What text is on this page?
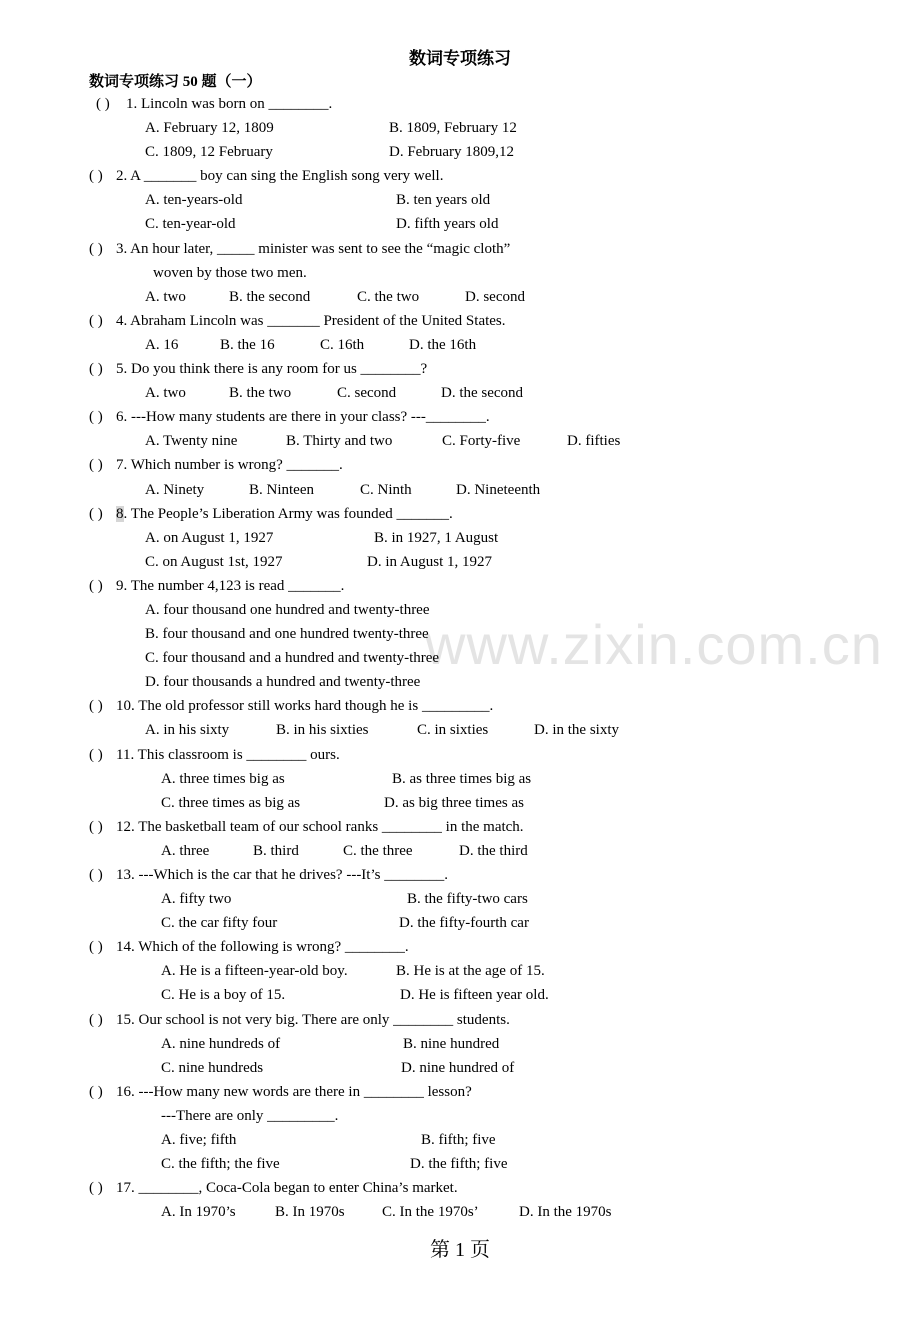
数词专项练习
数词专项练习 50 题（一）
www.zixin.com.cn
( ) 1. Lincoln was born on ________.
A. February 12, 1809	B. 1809, February 12
C. 1809, 12 February	D. February 1809,12
( ) 2. A _______ boy can sing the English song very well.
A. ten-years-old	B. ten years old
C. ten-year-old	D. fifth years old
( ) 3. An hour later, _____ minister was sent to see the “magic cloth”
woven by those two men.
A. two	B. the second	C. the two	D. second
( ) 4. Abraham Lincoln was _______ President of the United States.
A. 16	B. the 16	C. 16th	D. the 16th
( ) 5. Do you think there is any room for us ________?
A. two	B. the two	C. second	D. the second
( ) 6. ---How many students are there in your class? ---________.
A. Twenty nine	B. Thirty and two	C. Forty-five	D. fifties
( ) 7. Which number is wrong? _______.
A. Ninety	B. Ninteen	C. Ninth	D. Nineteenth
( ) 8. The People’s Liberation Army was founded _______.
A. on August 1, 1927	B. in 1927, 1 August
C. on August 1st, 1927	D. in August 1, 1927
( ) 9. The number 4,123 is read _______.
A. four thousand one hundred and twenty-three
B. four thousand and one hundred twenty-three
C. four thousand and a hundred and twenty-three
D. four thousands a hundred and twenty-three
( ) 10. The old professor still works hard though he is _________.
A. in his sixty	B. in his sixties	C. in sixties	D. in the sixty
( ) 11. This classroom is ________ ours.
A. three times big as	B. as three times big as
C. three times as big as	D. as big three times as
( ) 12. The basketball team of our school ranks ________ in the match.
A. three	B. third	C. the three	D. the third
( ) 13. ---Which is the car that he drives? ---It’s ________.
A. fifty two	B. the fifty-two cars
C. the car fifty four	D. the fifty-fourth car
( ) 14. Which of the following is wrong? ________.
A. He is a fifteen-year-old boy.	B. He is at the age of 15.
C. He is a boy of 15.	D. He is fifteen year old.
( ) 15. Our school is not very big. There are only ________ students.
A. nine hundreds of	B. nine hundred
C. nine hundreds	D. nine hundred of
( ) 16. ---How many new words are there in ________ lesson?
---There are only _________.
A. five; fifth	B. fifth; five
C. the fifth; the five	D. the fifth; five
( ) 17. ________, Coca-Cola began to enter China’s market.
A. In 1970’s	B. In 1970s C. In the 1970s’	D. In the 1970s
第 1 页
